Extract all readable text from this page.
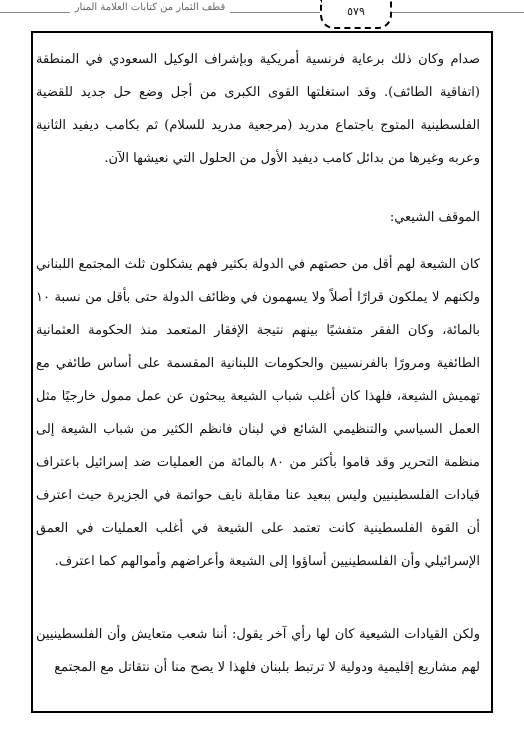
قطف الثمار من كتابات العلامة المنار	٥٧٩
صدام وكان ذلك برعاية فرنسية أمريكية وبإشراف الوكيل السعودي في المنطقة (اتفاقية الطائف). وقد استغلتها القوى الكبرى من أجل وضع حل جديد للقضية الفلسطينية المتوج باجتماع مدريد (مرجعية مدريد للسلام) ثم بكامب ديفيد الثانية وعربه وغيرها من بدائل كامب ديفيد الأول من الحلول التي نعيشها الآن.
الموقف الشيعي:
كان الشيعة لهم أقل من حصتهم في الدولة بكثير فهم يشكلون ثلث المجتمع اللبناني ولكنهم لا يملكون قرارًا أصلاً ولا يسهمون في وظائف الدولة حتى بأقل من نسبة ١٠ بالمائة، وكان الفقر متفشيًا بينهم نتيجة الإفقار المتعمد منذ الحكومة العثمانية الطائفية ومرورًا بالفرنسيين والحكومات اللبنانية المقسمة على أساس طائفي مع تهميش الشيعة، فلهذا كان أغلب شباب الشيعة يبحثون عن عمل ممول خارجيًا مثل العمل السياسي والتنظيمي الشائع في لبنان فانظم الكثير من شباب الشيعة إلى منظمة التحرير وقد قاموا بأكثر من ٨٠ بالمائة من العمليات ضد إسرائيل باعتراف قيادات الفلسطينيين وليس ببعيد عنا مقابلة نايف حواتمة في الجزيرة حيث اعترف أن القوة الفلسطينية كانت تعتمد على الشيعة في أغلب العمليات في العمق الإسرائيلي وأن الفلسطينيين أساؤوا إلى الشيعة وأعراضهم وأموالهم كما اعترف.
ولكن القيادات الشيعية كان لها رأي آخر يقول: أننا شعب متعايش وأن الفلسطينيين لهم مشاريع إقليمية ودولية لا ترتبط بلبنان فلهذا لا يصح منا أن نتقاتل مع المجتمع
